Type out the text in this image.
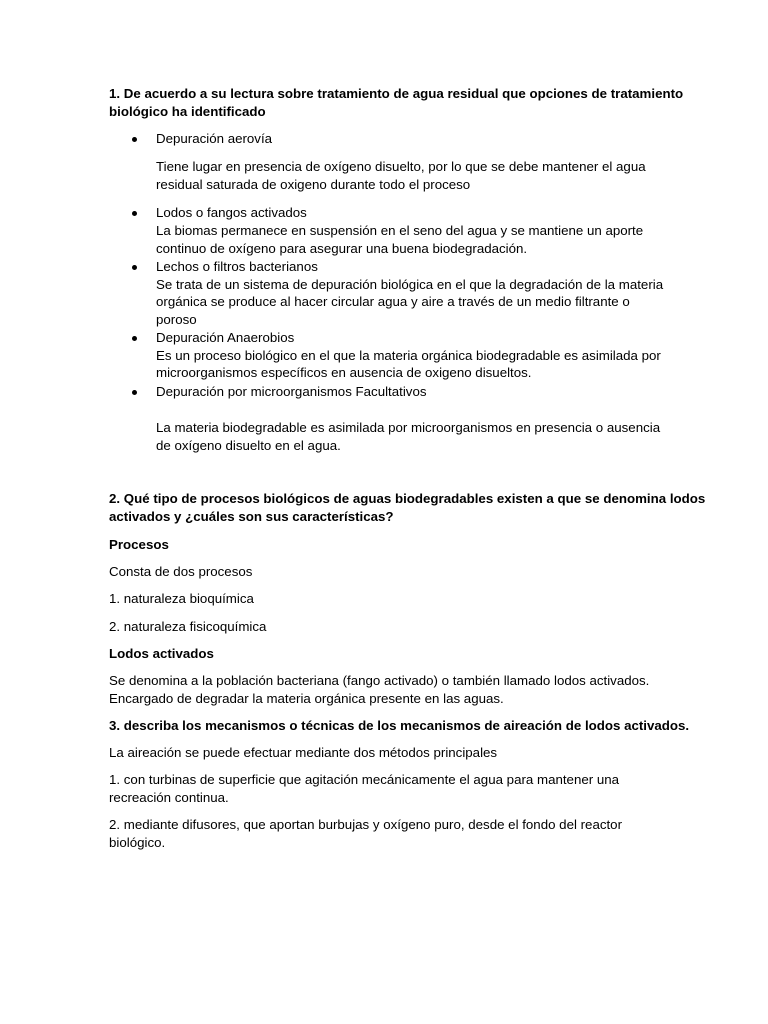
1. De acuerdo a su lectura sobre tratamiento de agua residual que opciones de tratamiento
biológico ha identificado
Depuración aerovía
Tiene lugar en presencia de oxígeno disuelto, por lo que se debe mantener el agua
residual saturada de oxigeno durante todo el proceso
Lodos o fangos activados
La biomas permanece en suspensión en el seno del agua y se mantiene un aporte
continuo de oxígeno para asegurar una buena biodegradación.
Lechos o filtros bacterianos
Se trata de un sistema de depuración biológica en el que la degradación de la materia
orgánica se produce al hacer circular agua y aire a través de un medio filtrante o
poroso
Depuración Anaerobios
Es un proceso biológico en el que la materia orgánica biodegradable es asimilada por
microorganismos específicos en ausencia de oxigeno disueltos.
Depuración por microorganismos Facultativos
La materia biodegradable es asimilada por microorganismos en presencia o ausencia
de oxígeno disuelto en el agua.
2. Qué tipo de procesos biológicos de aguas biodegradables existen a que se denomina lodos
activados y ¿cuáles son sus características?
Procesos
Consta de dos procesos
1. naturaleza bioquímica
2. naturaleza fisicoquímica
Lodos activados
Se denomina a la población bacteriana (fango activado) o también llamado lodos activados.
Encargado de degradar la materia orgánica presente en las aguas.
3. describa los mecanismos o técnicas de los mecanismos de aireación de lodos activados.
La aireación se puede efectuar mediante dos métodos principales
1. con turbinas de superficie que agitación mecánicamente el agua para mantener una
recreación continua.
2. mediante difusores, que aportan burbujas y oxígeno puro, desde el fondo del reactor
biológico.
